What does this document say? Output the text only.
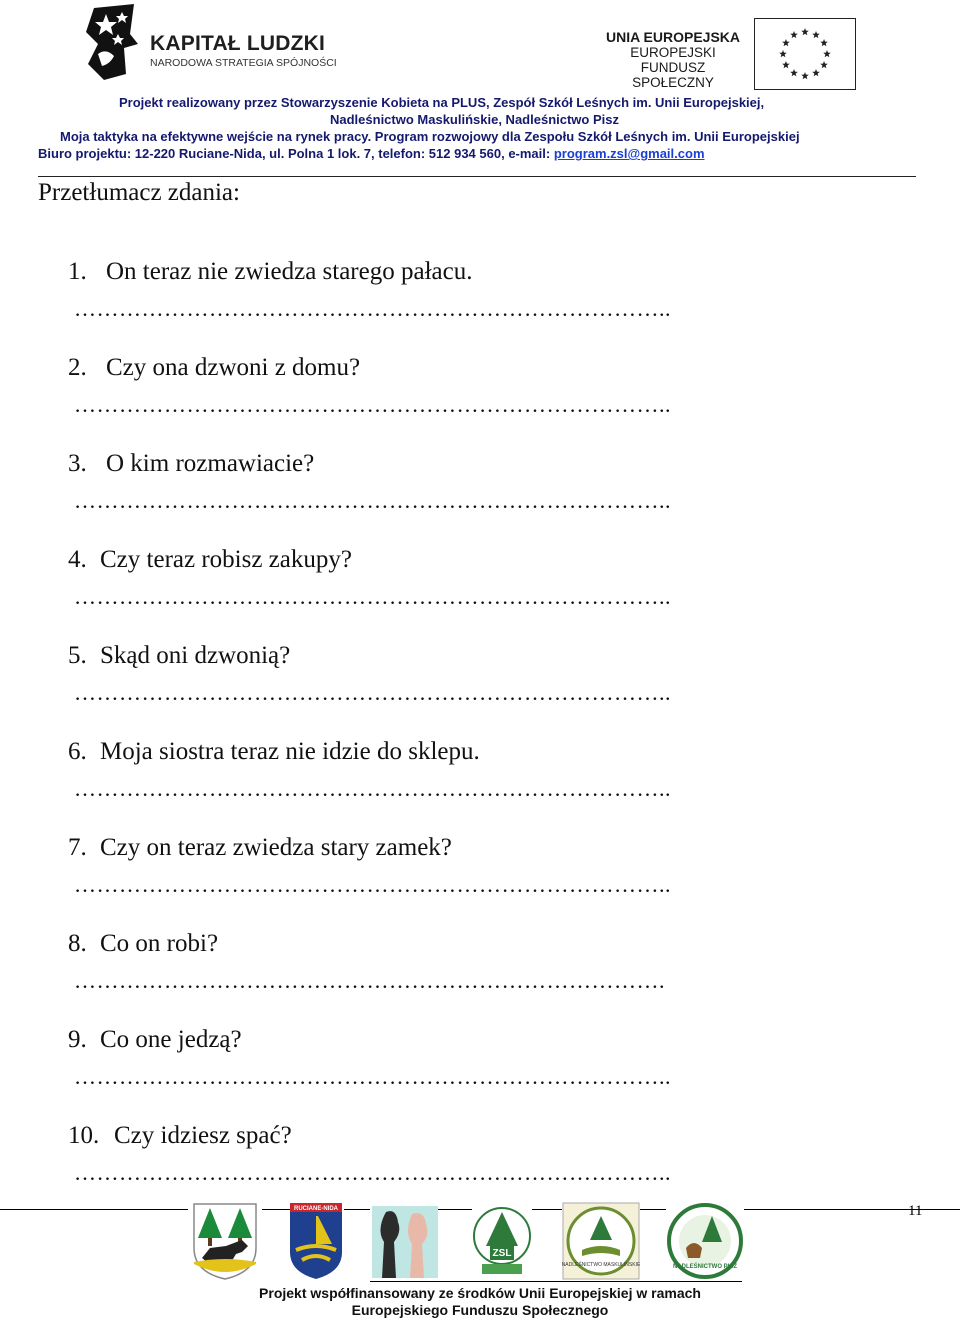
KAPITAŁ LUDZKI
NARODOWA STRATEGIA SPÓJNOŚCI
UNIA EUROPEJSKA
EUROPEJSKI
FUNDUSZ SPOŁECZNY
Projekt realizowany przez Stowarzyszenie Kobieta na PLUS, Zespół Szkół Leśnych im. Unii Europejskiej,
Nadleśnictwo Maskulińskie, Nadleśnictwo Pisz
Moja taktyka na efektywne wejście na rynek pracy. Program rozwojowy dla Zespołu Szkół Leśnych im. Unii Europejskiej
Biuro projektu: 12-220 Ruciane-Nida, ul. Polna 1 lok. 7, telefon: 512 934 560, e-mail: program.zsl@gmail.com
Przetłumacz zdania:
1. On teraz nie zwiedza starego pałacu.
……………………………………………………………………..
2. Czy ona dzwoni z domu?
……………………………………………………………………..
3. O kim rozmawiacie?
……………………………………………………………………..
4. Czy teraz robisz zakupy?
……………………………………………………………………..
5. Skąd oni dzwonią?
……………………………………………………………………..
6. Moja siostra teraz nie idzie do sklepu.
……………………………………………………………………..
7. Czy on teraz zwiedza stary zamek?
……………………………………………………………………..
8. Co on robi?
…………………………………………………………………….
9. Co one jedzą?
……………………………………………………………………..
10. Czy idziesz spać?
……………………………………………………………………..
11
RUCIANE-NIDA
ZSL
NADLEŚNICTWO MASKULIŃSKIE	NADLEŚNICTWO PISZ
Projekt współfinansowany ze środków Unii Europejskiej w ramach
Europejskiego Funduszu Społecznego
